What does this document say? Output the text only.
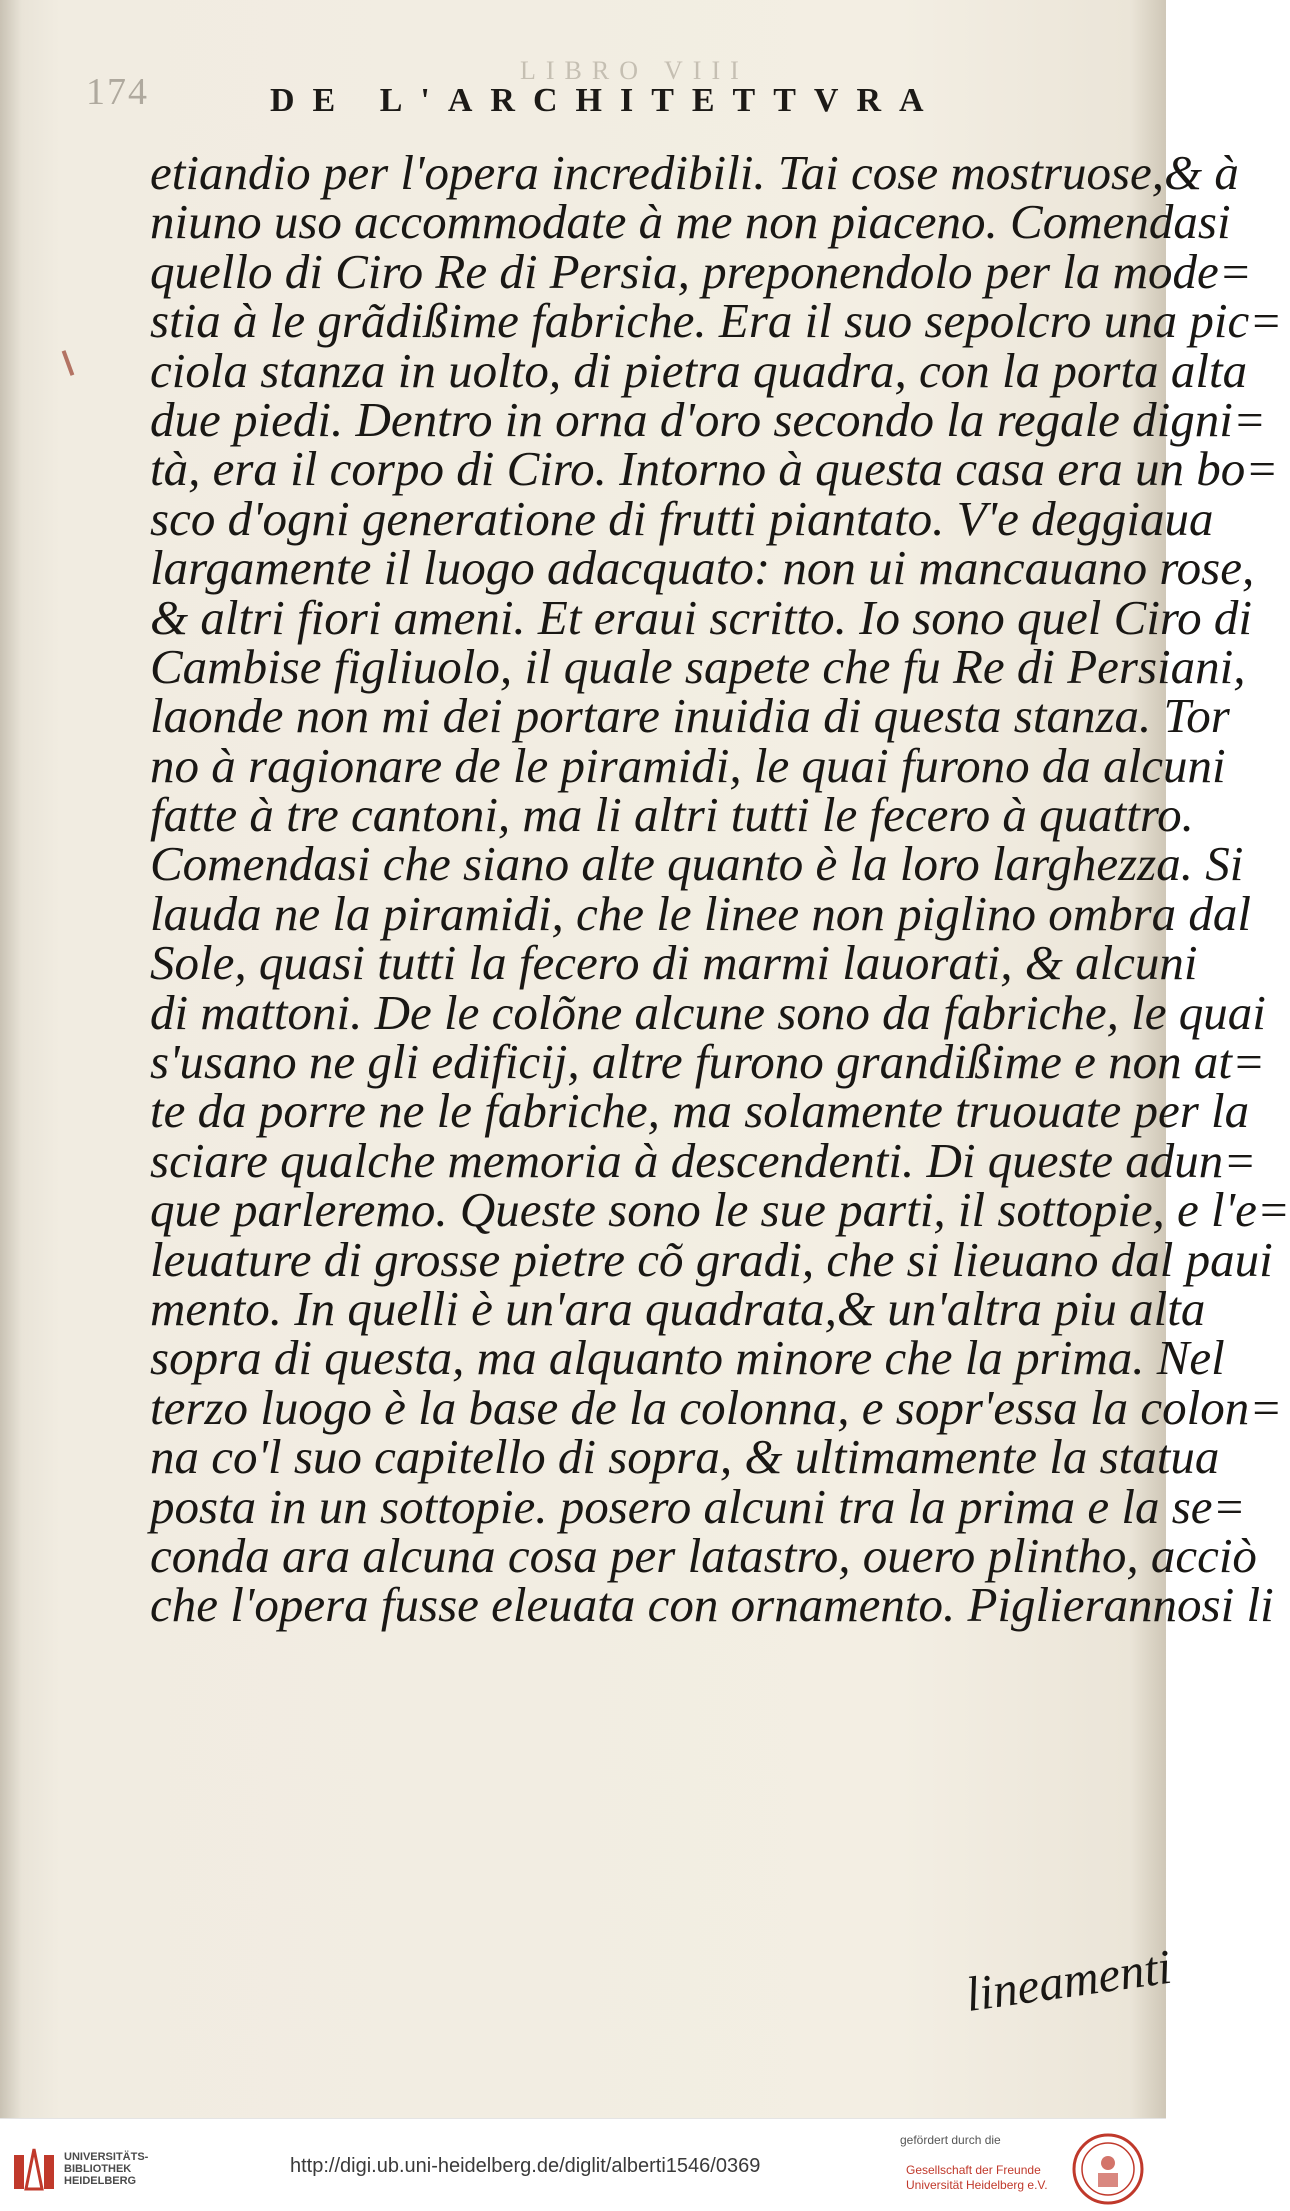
174
LIBRO VIII
DE L'ARCHITETTVRA
etiandio per l'opera incredibili. Tai cose mostruose,& à
niuno uso accommodate à me non piaceno. Comendasi
quello di Ciro Re di Persia, preponendolo per la mode=
stia à le grãdißime fabriche. Era il suo sepolcro una pic=
ciola stanza in uolto, di pietra quadra, con la porta alta
due piedi. Dentro in orna d'oro secondo la regale digni=
tà, era il corpo di Ciro. Intorno à questa casa era un bo=
sco d'ogni generatione di frutti piantato. V'e deggiaua
largamente il luogo adacquato: non ui mancauano rose,
& altri fiori ameni. Et eraui scritto. Io sono quel Ciro di
Cambise figliuolo, il quale sapete che fu Re di Persiani,
laonde non mi dei portare inuidia di questa stanza. Tor
no à ragionare de le piramidi, le quai furono da alcuni
fatte à tre cantoni, ma li altri tutti le fecero à quattro.
Comendasi che siano alte quanto è la loro larghezza. Si
lauda ne la piramidi, che le linee non piglino ombra dal
Sole, quasi tutti la fecero di marmi lauorati, & alcuni
di mattoni. De le colõne alcune sono da fabriche, le quai
s'usano ne gli edificij, altre furono grandißime e non at=
te da porre ne le fabriche, ma solamente truouate per la
sciare qualche memoria à descendenti. Di queste adun=
que parleremo. Queste sono le sue parti, il sottopie, e l'e=
leuature di grosse pietre cõ gradi, che si lieuano dal paui
mento. In quelli è un'ara quadrata,& un'altra piu alta
sopra di questa, ma alquanto minore che la prima. Nel
terzo luogo è la base de la colonna, e sopr'essa la colon=
na co'l suo capitello di sopra, & ultimamente la statua
posta in un sottopie. posero alcuni tra la prima e la se=
conda ara alcuna cosa per latastro, ouero plintho, acciò
che l'opera fusse eleuata con ornamento. Piglierannosi li
lineamenti
UNIVERSITÄTS-
BIBLIOTHEK
HEIDELBERG
http://digi.ub.uni-heidelberg.de/diglit/alberti1546/0369
gefördert durch die
Gesellschaft der Freunde
Universität Heidelberg e.V.
